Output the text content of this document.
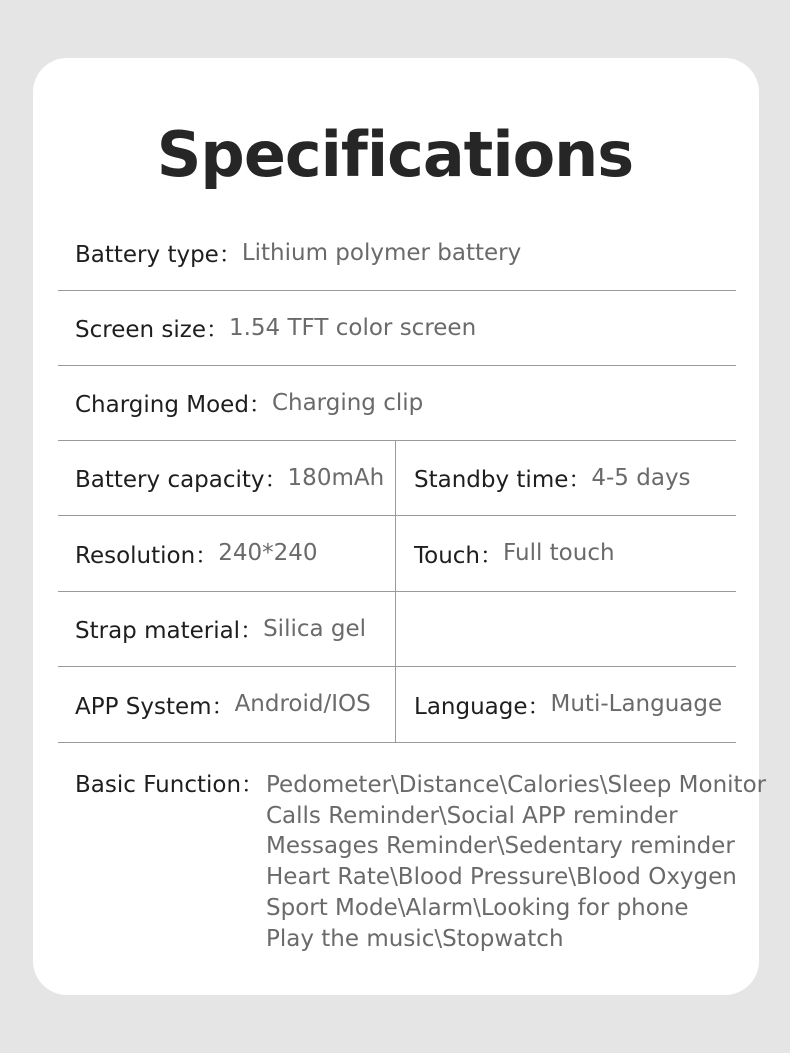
Specifications
Battery type： Lithium polymer battery
Screen size： 1.54 TFT color screen
Charging Moed： Charging clip
Battery capacity： 180mAh Standby time： 4-5 days
Resolution： 240*240	Touch： Full touch
Strap material： Silica gel
APP System： Android/IOS Language： Muti-Language
Basic Function： Pedometer\Distance\Calories\Sleep Monitor
Calls Reminder\Social APP reminder
Messages Reminder\Sedentary reminder
Heart Rate\Blood Pressure\Blood Oxygen
Sport Mode\Alarm\Looking for phone
Play the music\Stopwatch
